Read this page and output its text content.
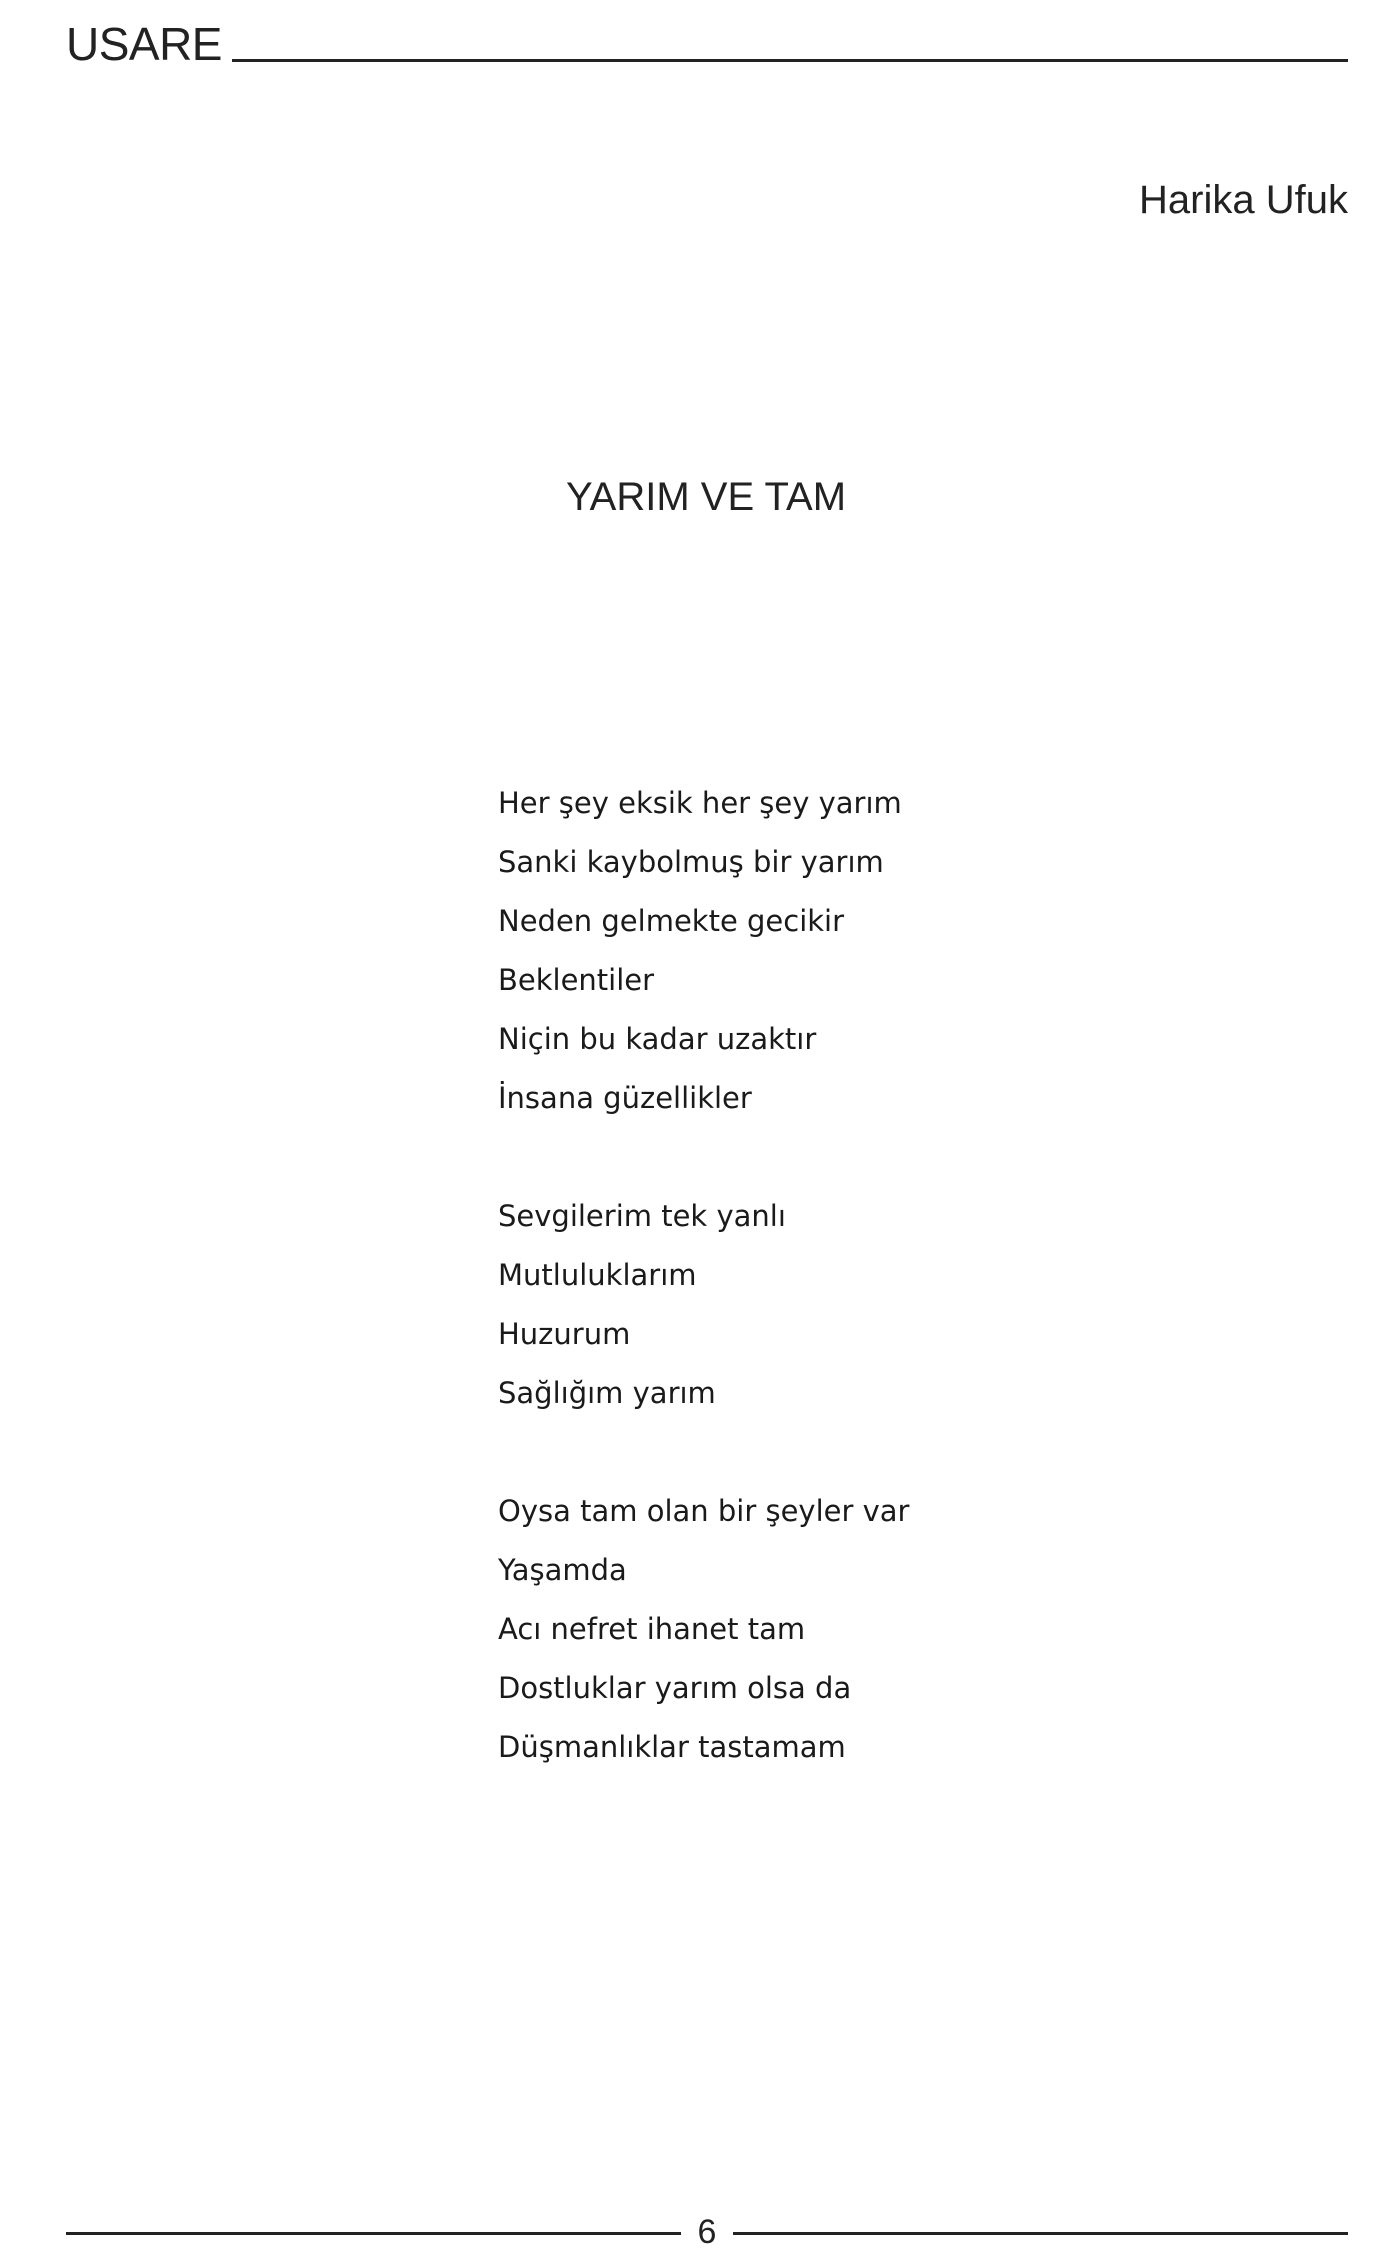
USARE
Harika Ufuk
YARIM VE TAM
Her şey eksik her şey yarım
Sanki kaybolmuş bir yarım
Neden gelmekte gecikir
Beklentiler
Niçin bu kadar uzaktır
İnsana güzellikler
Sevgilerim tek yanlı
Mutluluklarım
Huzurum
Sağlığım yarım
Oysa tam olan bir şeyler var
Yaşamda
Acı nefret ihanet tam
Dostluklar yarım olsa da
Düşmanlıklar tastamam
6
